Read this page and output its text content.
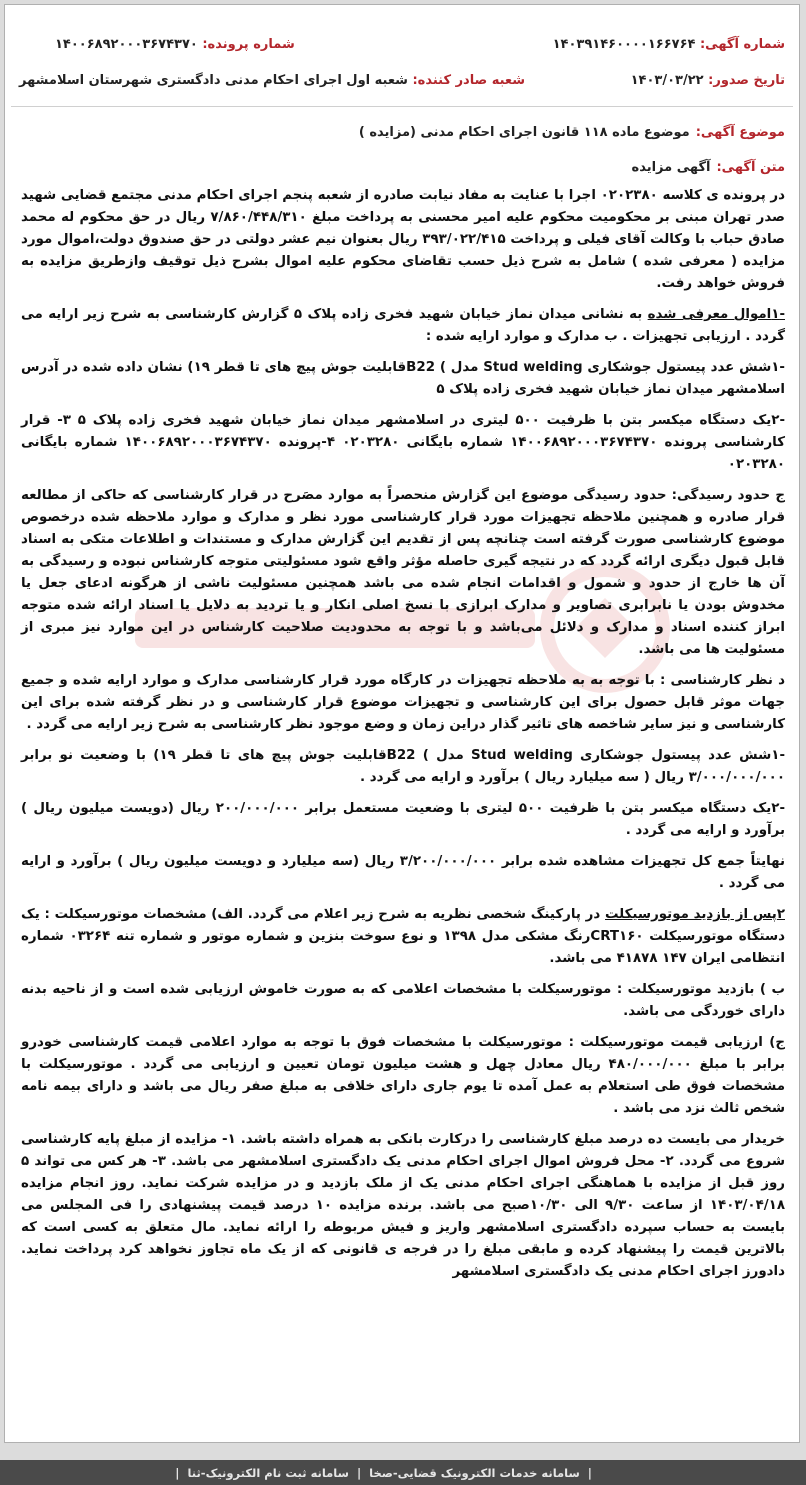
شماره آگهی: ۱۴۰۳۹۱۴۶۰۰۰۰۱۶۶۷۶۴
شماره پرونده: ۱۴۰۰۶۸۹۲۰۰۰۳۶۷۴۳۷۰
تاریخ صدور: ۱۴۰۳/۰۳/۲۲
شعبه صادر کننده: شعبه اول اجرای احکام مدنی دادگستری شهرستان اسلامشهر
موضوع آگهی:
موضوع ماده ۱۱۸ قانون اجرای احکام مدنی (مزایده )
متن آگهی:
آگهی مزایده

در پرونده ی کلاسه ۰۲۰۲۳۸۰ اجرا با عنایت به مفاد نیابت صادره از شعبه پنجم اجرای احکام مدنی مجتمع قضایی شهید صدر تهران مبنی بر محکومیت محکوم علیه امیر محسنی به پرداخت مبلغ ۷/۸۶۰/۴۴۸/۳۱۰ ریال در حق محکوم له محمد صادق حباب با وکالت آقای فیلی و پرداخت ۳۹۳/۰۲۲/۴۱۵ ریال بعنوان نیم عشر دولتی در حق صندوق دولت،اموال مورد مزایده ( معرفی شده ) شامل به شرح ذیل حسب تقاضای محکوم علیه اموال بشرح ذیل توقیف وازطریق مزایده به فروش خواهد رفت.

-۱اموال معرفی شده به نشانی میدان نماز خیابان شهید فخری زاده پلاک ۵ گزارش کارشناسی به شرح زیر ارایه می گردد . ارزیابی تجهیزات . ب مدارک و موارد ارایه شده :

-۱شش عدد پیستول جوشکاری Stud welding مدل ) B22قابلیت جوش پیچ های تا قطر ۱۹) نشان داده شده در آدرس اسلامشهر میدان نماز خیابان شهید فخری زاده پلاک ۵

-۲یک دستگاه میکسر بتن با ظرفیت ۵۰۰ لیتری در اسلامشهر میدان نماز خیابان شهید فخری زاده پلاک ۵ ۳- قرار کارشناسی پرونده ۱۴۰۰۶۸۹۲۰۰۰۳۶۷۴۳۷۰ شماره بایگانی ۰۲۰۳۲۸۰ ۴-پرونده ۱۴۰۰۶۸۹۲۰۰۰۳۶۷۴۳۷۰ شماره بایگانی ۰۲۰۳۲۸۰

ج حدود رسیدگی: حدود رسیدگی موضوع این گزارش منحصراً به موارد مصَرح در قرار کارشناسی که حاکی از مطالعه قرار صادره و همچنین ملاحظه تجهیزات مورد قرار کارشناسی مورد نظر و مدارک و موارد ملاحظه شده درخصوص موضوع کارشناسی صورت گرفته است چنانچه پس از تقدیم این گزارش مدارک و مستندات و اطلاعات متکی به اسناد قابل قبول دیگری ارائه گردد که در نتیجه گیری حاصله مؤثر واقع شود مسئولیتی متوجه کارشناس نبوده و رسیدگی به آن ها خارج از حدود و شمول و اقدامات انجام شده می باشد همچنین مسئولیت ناشی از هرگونه ادعای جعل یا مخدوش بودن یا نابرابری تصاویر و مدارک ابرازی با نسخ اصلی انکار و یا تردید به دلایل یا اسناد ارائه شده متوجه ابراز کننده اسناد و مدارک و دلائل می‌باشد و با توجه به محدودیت صلاحیت کارشناس در این موارد نیز مبری از مسئولیت ها می باشد.

د نظر کارشناسی : با توجه به به ملاحظه تجهیزات در کارگاه مورد قرار کارشناسی مدارک و موارد ارایه شده و جمیع جهات موثر قابل حصول برای این کارشناسی و تجهیزات موضوع قرار کارشناسی و در نظر گرفته شده برای این کارشناسی و نیز سایر شاخصه های تاثیر گذار دراین زمان و وضع موجود نظر کارشناسی به شرح زیر ارایه می گردد .

-۱شش عدد پیستول جوشکاری Stud welding مدل ) B22قابلیت جوش پیچ های تا قطر ۱۹) با وضعیت نو برابر ۳/۰۰۰/۰۰۰/۰۰۰ ریال ( سه میلیارد ریال ) برآورد و ارایه می گردد .

-۲یک دستگاه میکسر بتن با ظرفیت ۵۰۰ لیتری با وضعیت مستعمل برابر ۲۰۰/۰۰۰/۰۰۰ ریال (دویست میلیون ریال ) برآورد و ارایه می گردد .

نهایتاً جمع کل تجهیزات مشاهده شده برابر ۳/۲۰۰/۰۰۰/۰۰۰ ریال (سه میلیارد و دویست میلیون ریال ) برآورد و ارایه می گردد .

۲پس از بازدید موتورسیکلت در پارکینگ شخصی نظریه به شرح زیر اعلام می گردد. الف) مشخصات موتورسیکلت : یک دستگاه موتورسیکلت CRT۱۶۰رنگ مشکی مدل ۱۳۹۸ و نوع سوخت بنزین و شماره موتور و شماره تنه ۰۳۲۶۴ شماره انتظامی ایران ۱۴۷ ۴۱۸۷۸ می باشد.

ب ) بازدید موتورسیکلت : موتورسیکلت با مشخصات اعلامی که به صورت خاموش ارزیابی شده است و از ناحیه بدنه دارای خوردگی می باشد.

ج) ارزیابی قیمت موتورسیکلت : موتورسیکلت با مشخصات فوق با توجه به موارد اعلامی قیمت کارشناسی خودرو برابر با مبلغ ۴۸۰/۰۰۰/۰۰۰ ریال معادل چهل و هشت میلیون تومان تعیین و ارزیابی می گردد . موتورسیکلت با مشخصات فوق طی استعلام به عمل آمده تا یوم جاری دارای خلافی به مبلغ صفر ریال می باشد و دارای بیمه نامه شخص ثالث نزد می باشد .

خریدار می بایست ده درصد مبلغ کارشناسی را درکارت بانکی به همراه داشته باشد. ۱- مزایده از مبلغ پایه کارشناسی شروع می گردد. ۲- محل فروش اموال اجرای احکام مدنی یک دادگستری اسلامشهر می باشد. ۳- هر کس می تواند ۵ روز قبل از مزایده با هماهنگی اجرای احکام مدنی یک از ملک بازدید و در مزایده شرکت نماید. روز انجام مزایده ۱۴۰۳/۰۴/۱۸ از ساعت ۹/۳۰ الی ۱۰/۳۰صبح می باشد. برنده مزایده ۱۰ درصد قیمت پیشنهادی را فی المجلس می بایست به حساب سپرده دادگستری اسلامشهر واریز و فیش مربوطه را ارائه نماید. مال متعلق به کسی است که بالاترین قیمت را پیشنهاد کرده و مابقی مبلغ را در فرجه ی قانونی که از یک ماه تجاوز نخواهد کرد پرداخت نماید. دادورز اجرای احکام مدنی یک دادگستری اسلامشهر

|
سامانه خدمات الکترونیک قضایی-صخا
|
سامانه ثبت نام الکترونیک-ثنا
|
